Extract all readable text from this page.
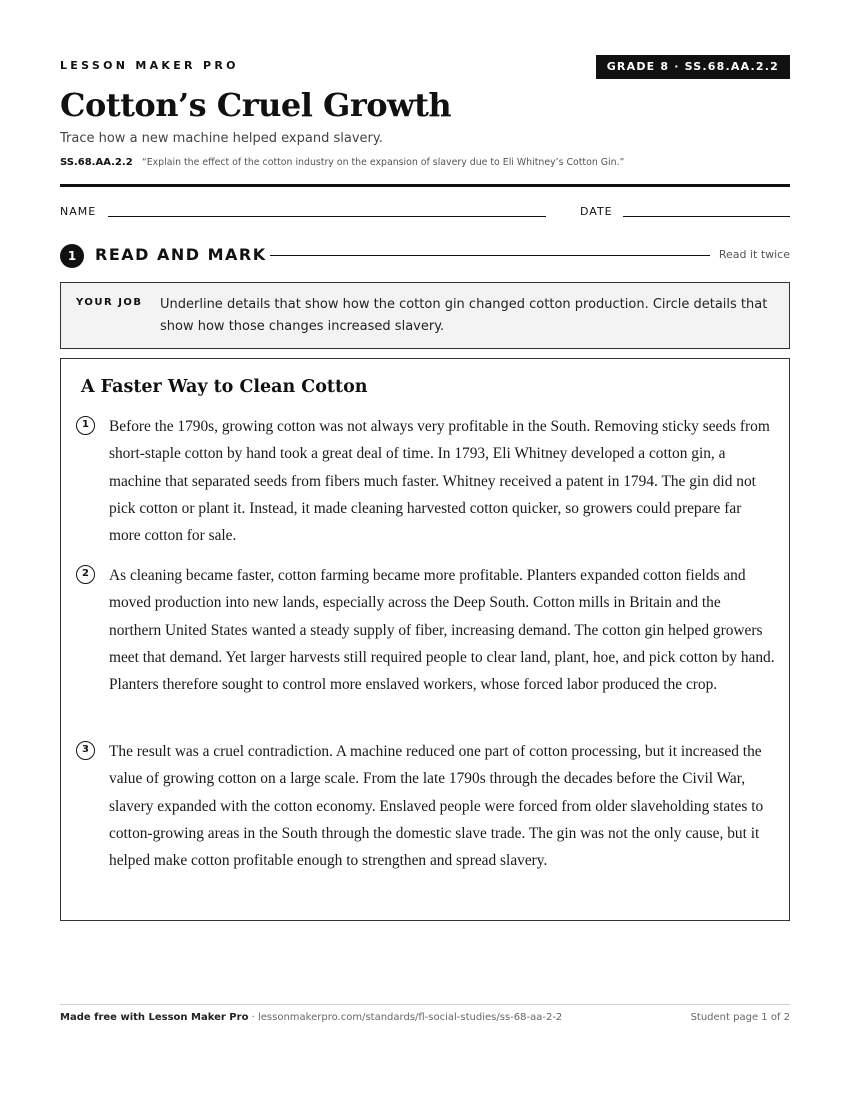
LESSON MAKER PRO	GRADE 8 · SS.68.AA.2.2
Cotton’s Cruel Growth
Trace how a new machine helped expand slavery.
SS.68.AA.2.2 “Explain the effect of the cotton industry on the expansion of slavery due to Eli Whitney’s Cotton Gin.”
NAME	DATE
1	READ AND MARK	Read it twice
YOUR JOB Underline details that show how the cotton gin changed cotton production. Circle details that show how those changes increased slavery.
A Faster Way to Clean Cotton
1	Before the 1790s, growing cotton was not always very profitable in the South. Removing sticky seeds from short-staple cotton by hand took a great deal of time. In 1793, Eli Whitney developed a cotton gin, a machine that separated seeds from fibers much faster. Whitney received a patent in 1794. The gin did not pick cotton or plant it. Instead, it made cleaning harvested cotton quicker, so growers could prepare far more cotton for sale.

2	As cleaning became faster, cotton farming became more profitable. Planters expanded cotton fields and moved production into new lands, especially across the Deep South. Cotton mills in Britain and the northern United States wanted a steady supply of fiber, increasing demand. The cotton gin helped growers meet that demand. Yet larger harvests still required people to clear land, plant, hoe, and pick cotton by hand. Planters therefore sought to control more enslaved workers, whose forced labor produced the crop.

3	The result was a cruel contradiction. A machine reduced one part of cotton processing, but it increased the value of growing cotton on a large scale. From the late 1790s through the decades before the Civil War, slavery expanded with the cotton economy. Enslaved people were forced from older slaveholding states to cotton-growing areas in the South through the domestic slave trade. The gin was not the only cause, but it helped make cotton profitable enough to strengthen and spread slavery.

Made free with Lesson Maker Pro · lessonmakerpro.com/standards/fl-social-studies/ss-68-aa-2-2	Student page 1 of 2
